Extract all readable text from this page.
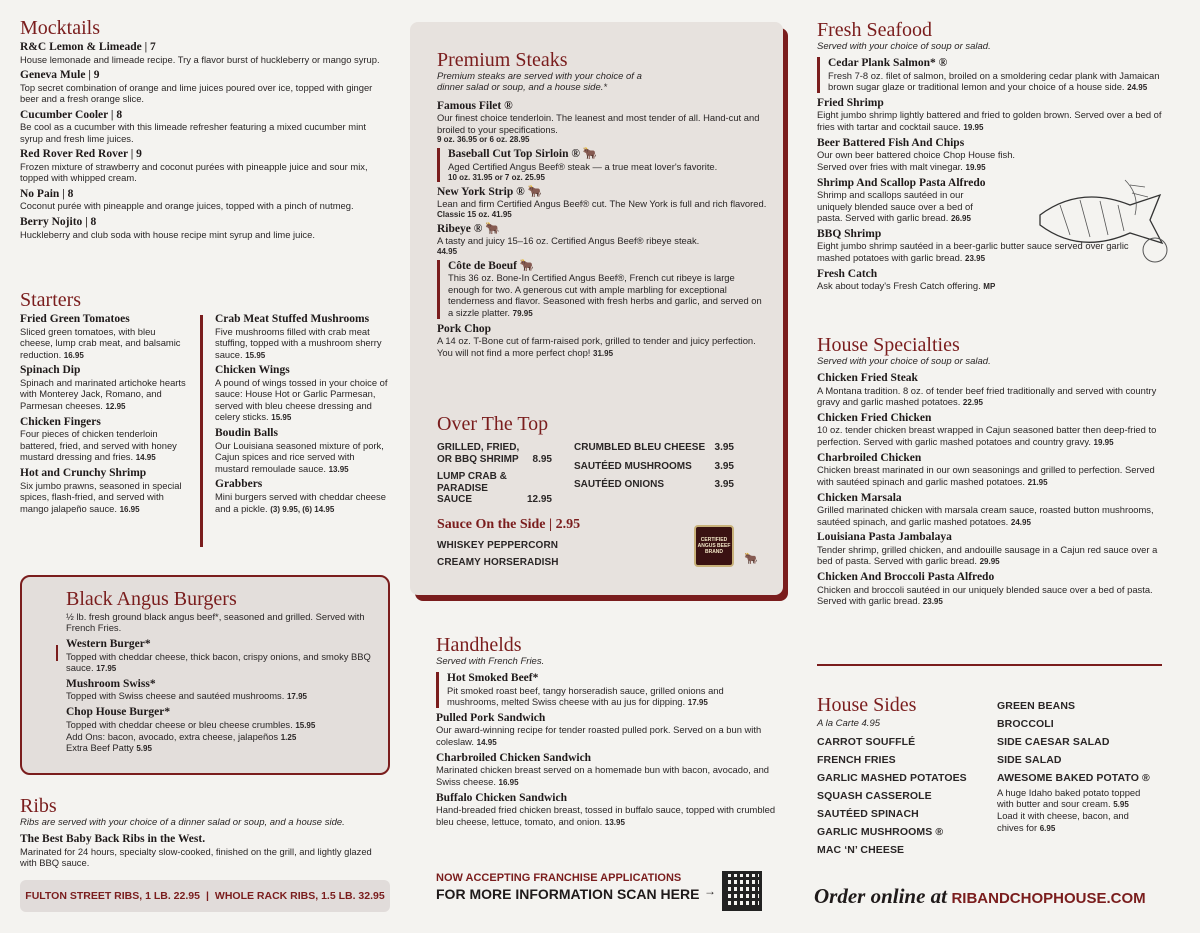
Mocktails
R&C Lemon & Limeade | 7
House lemonade and limeade recipe. Try a flavor burst of huckleberry or mango syrup.
Geneva Mule | 9
Top secret combination of orange and lime juices poured over ice, topped with ginger beer and a fresh orange slice.
Cucumber Cooler | 8
Be cool as a cucumber with this limeade refresher featuring a mixed cucumber mint syrup and fresh lime juices.
Red Rover Red Rover | 9
Frozen mixture of strawberry and coconut purées with pineapple juice and sour mix, topped with whipped cream.
No Pain | 8
Coconut purée with pineapple and orange juices, topped with a pinch of nutmeg.
Berry Nojito | 8
Huckleberry and club soda with house recipe mint syrup and lime juice.
Starters
Fried Green Tomatoes
Sliced green tomatoes, with bleu cheese, lump crab meat, and balsamic reduction. 16.95
Spinach Dip
Spinach and marinated artichoke hearts with Monterey Jack, Romano, and Parmesan cheeses. 12.95
Chicken Fingers
Four pieces of chicken tenderloin battered, fried, and served with honey mustard dressing and fries. 14.95
Hot and Crunchy Shrimp
Six jumbo prawns, seasoned in special spices, flash-fried, and served with mango jalapeño sauce. 16.95
Crab Meat Stuffed Mushrooms
Five mushrooms filled with crab meat stuffing, topped with a mushroom sherry sauce. 15.95
Chicken Wings
A pound of wings tossed in your choice of sauce: House Hot or Garlic Parmesan, served with bleu cheese dressing and celery sticks. 15.95
Boudin Balls
Our Louisiana seasoned mixture of pork, Cajun spices and rice served with mustard remoulade sauce. 13.95
Grabbers
Mini burgers served with cheddar cheese and a pickle. (3) 9.95, (6) 14.95
Black Angus Burgers
½ lb. fresh ground black angus beef*, seasoned and grilled. Served with French Fries.
Western Burger*
Topped with cheddar cheese, thick bacon, crispy onions, and smoky BBQ sauce. 17.95
Mushroom Swiss*
Topped with Swiss cheese and sautéed mushrooms. 17.95
Chop House Burger*
Topped with cheddar cheese or bleu cheese crumbles. 15.95
Add Ons: bacon, avocado, extra cheese, jalapeños 1.25
Extra Beef Patty 5.95
Ribs
Ribs are served with your choice of a dinner salad or soup, and a house side.
The Best Baby Back Ribs in the West.
Marinated for 24 hours, specialty slow-cooked, finished on the grill, and lightly glazed with BBQ sauce.
FULTON STREET RIBS, 1 LB. 22.95 | WHOLE RACK RIBS, 1.5 LB. 32.95
Premium Steaks
Premium steaks are served with your choice of a dinner salad or soup, and a house side.*
Famous Filet ®
Our finest choice tenderloin. The leanest and most tender of all. Hand-cut and broiled to your specifications.
9 oz. 36.95 or 6 oz. 28.95
Baseball Cut Top Sirloin ® 🐂
Aged Certified Angus Beef® steak — a true meat lover's favorite.
10 oz. 31.95 or 7 oz. 25.95
New York Strip ® 🐂
Lean and firm Certified Angus Beef® cut. The New York is full and rich flavored.
Classic 15 oz. 41.95
Ribeye ® 🐂
A tasty and juicy 15–16 oz. Certified Angus Beef® ribeye steak.
44.95
Côte de Boeuf 🐂
This 36 oz. Bone-In Certified Angus Beef®, French cut ribeye is large enough for two. A generous cut with ample marbling for exceptional tenderness and flavor. Seasoned with fresh herbs and garlic, and served on a sizzle platter. 79.95
Pork Chop
A 14 oz. T-Bone cut of farm-raised pork, grilled to tender and juicy perfection. You will not find a more perfect chop! 31.95
Over The Top
GRILLED, FRIED, OR BBQ SHRIMP	8.95
LUMP CRAB & PARADISE SAUCE	12.95
CRUMBLED BLEU CHEESE 3.95
SAUTÉED MUSHROOMS 3.95
SAUTÉED ONIONS	3.95
Sauce On the Side | 2.95
WHISKEY PEPPERCORN
CREAMY HORSERADISH
CERTIFIED
ANGUS BEEF
BRAND
🐂
Handhelds
Served with French Fries.
Hot Smoked Beef*
Pit smoked roast beef, tangy horseradish sauce, grilled onions and mushrooms, melted Swiss cheese with au jus for dipping. 17.95
Pulled Pork Sandwich
Our award-winning recipe for tender roasted pulled pork. Served on a bun with coleslaw. 14.95
Charbroiled Chicken Sandwich
Marinated chicken breast served on a homemade bun with bacon, avocado, and Swiss cheese. 16.95
Buffalo Chicken Sandwich
Hand-breaded fried chicken breast, tossed in buffalo sauce, topped with crumbled bleu cheese, lettuce, tomato, and onion. 13.95
NOW ACCEPTING FRANCHISE APPLICATIONS
FOR MORE INFORMATION SCAN HERE →
Fresh Seafood
Served with your choice of soup or salad.
Cedar Plank Salmon* ®
Fresh 7-8 oz. filet of salmon, broiled on a smoldering cedar plank with Jamaican brown sugar glaze or traditional lemon and your choice of a house side. 24.95
Fried Shrimp
Eight jumbo shrimp lightly battered and fried to golden brown. Served over a bed of fries with tartar and cocktail sauce. 19.95
Beer Battered Fish And Chips
Our own beer battered choice Chop House fish. Served over fries with malt vinegar. 19.95
Shrimp And Scallop Pasta Alfredo
Shrimp and scallops sautéed in our uniquely blended sauce over a bed of pasta. Served with garlic bread. 26.95
BBQ Shrimp
Eight jumbo shrimp sautéed in a beer-garlic butter sauce served over garlic mashed potatoes with garlic bread. 23.95
Fresh Catch
Ask about today's Fresh Catch offering. MP
House Specialties
Served with your choice of soup or salad.
Chicken Fried Steak
A Montana tradition. 8 oz. of tender beef fried traditionally and served with country gravy and garlic mashed potatoes. 22.95
Chicken Fried Chicken
10 oz. tender chicken breast wrapped in Cajun seasoned batter then deep-fried to perfection. Served with garlic mashed potatoes and country gravy. 19.95
Charbroiled Chicken
Chicken breast marinated in our own seasonings and grilled to perfection. Served with sautéed spinach and garlic mashed potatoes. 21.95
Chicken Marsala
Grilled marinated chicken with marsala cream sauce, roasted button mushrooms, sautéed spinach, and garlic mashed potatoes. 24.95
Louisiana Pasta Jambalaya
Tender shrimp, grilled chicken, and andouille sausage in a Cajun red sauce over a bed of pasta. Served with garlic bread. 29.95
Chicken And Broccoli Pasta Alfredo
Chicken and broccoli sautéed in our uniquely blended sauce over a bed of pasta. Served with garlic bread. 23.95
House Sides
A la Carte 4.95
CARROT SOUFFLÉ
FRENCH FRIES
GARLIC MASHED POTATOES
SQUASH CASSEROLE
SAUTÉED SPINACH
GARLIC MUSHROOMS ®
MAC ‘N’ CHEESE
GREEN BEANS
BROCCOLI
SIDE CAESAR SALAD
SIDE SALAD
AWESOME BAKED POTATO ®
A huge Idaho baked potato topped with butter and sour cream. 5.95 Load it with cheese, bacon, and chives for 6.95
Order online at RIBANDCHOPHOUSE.COM
